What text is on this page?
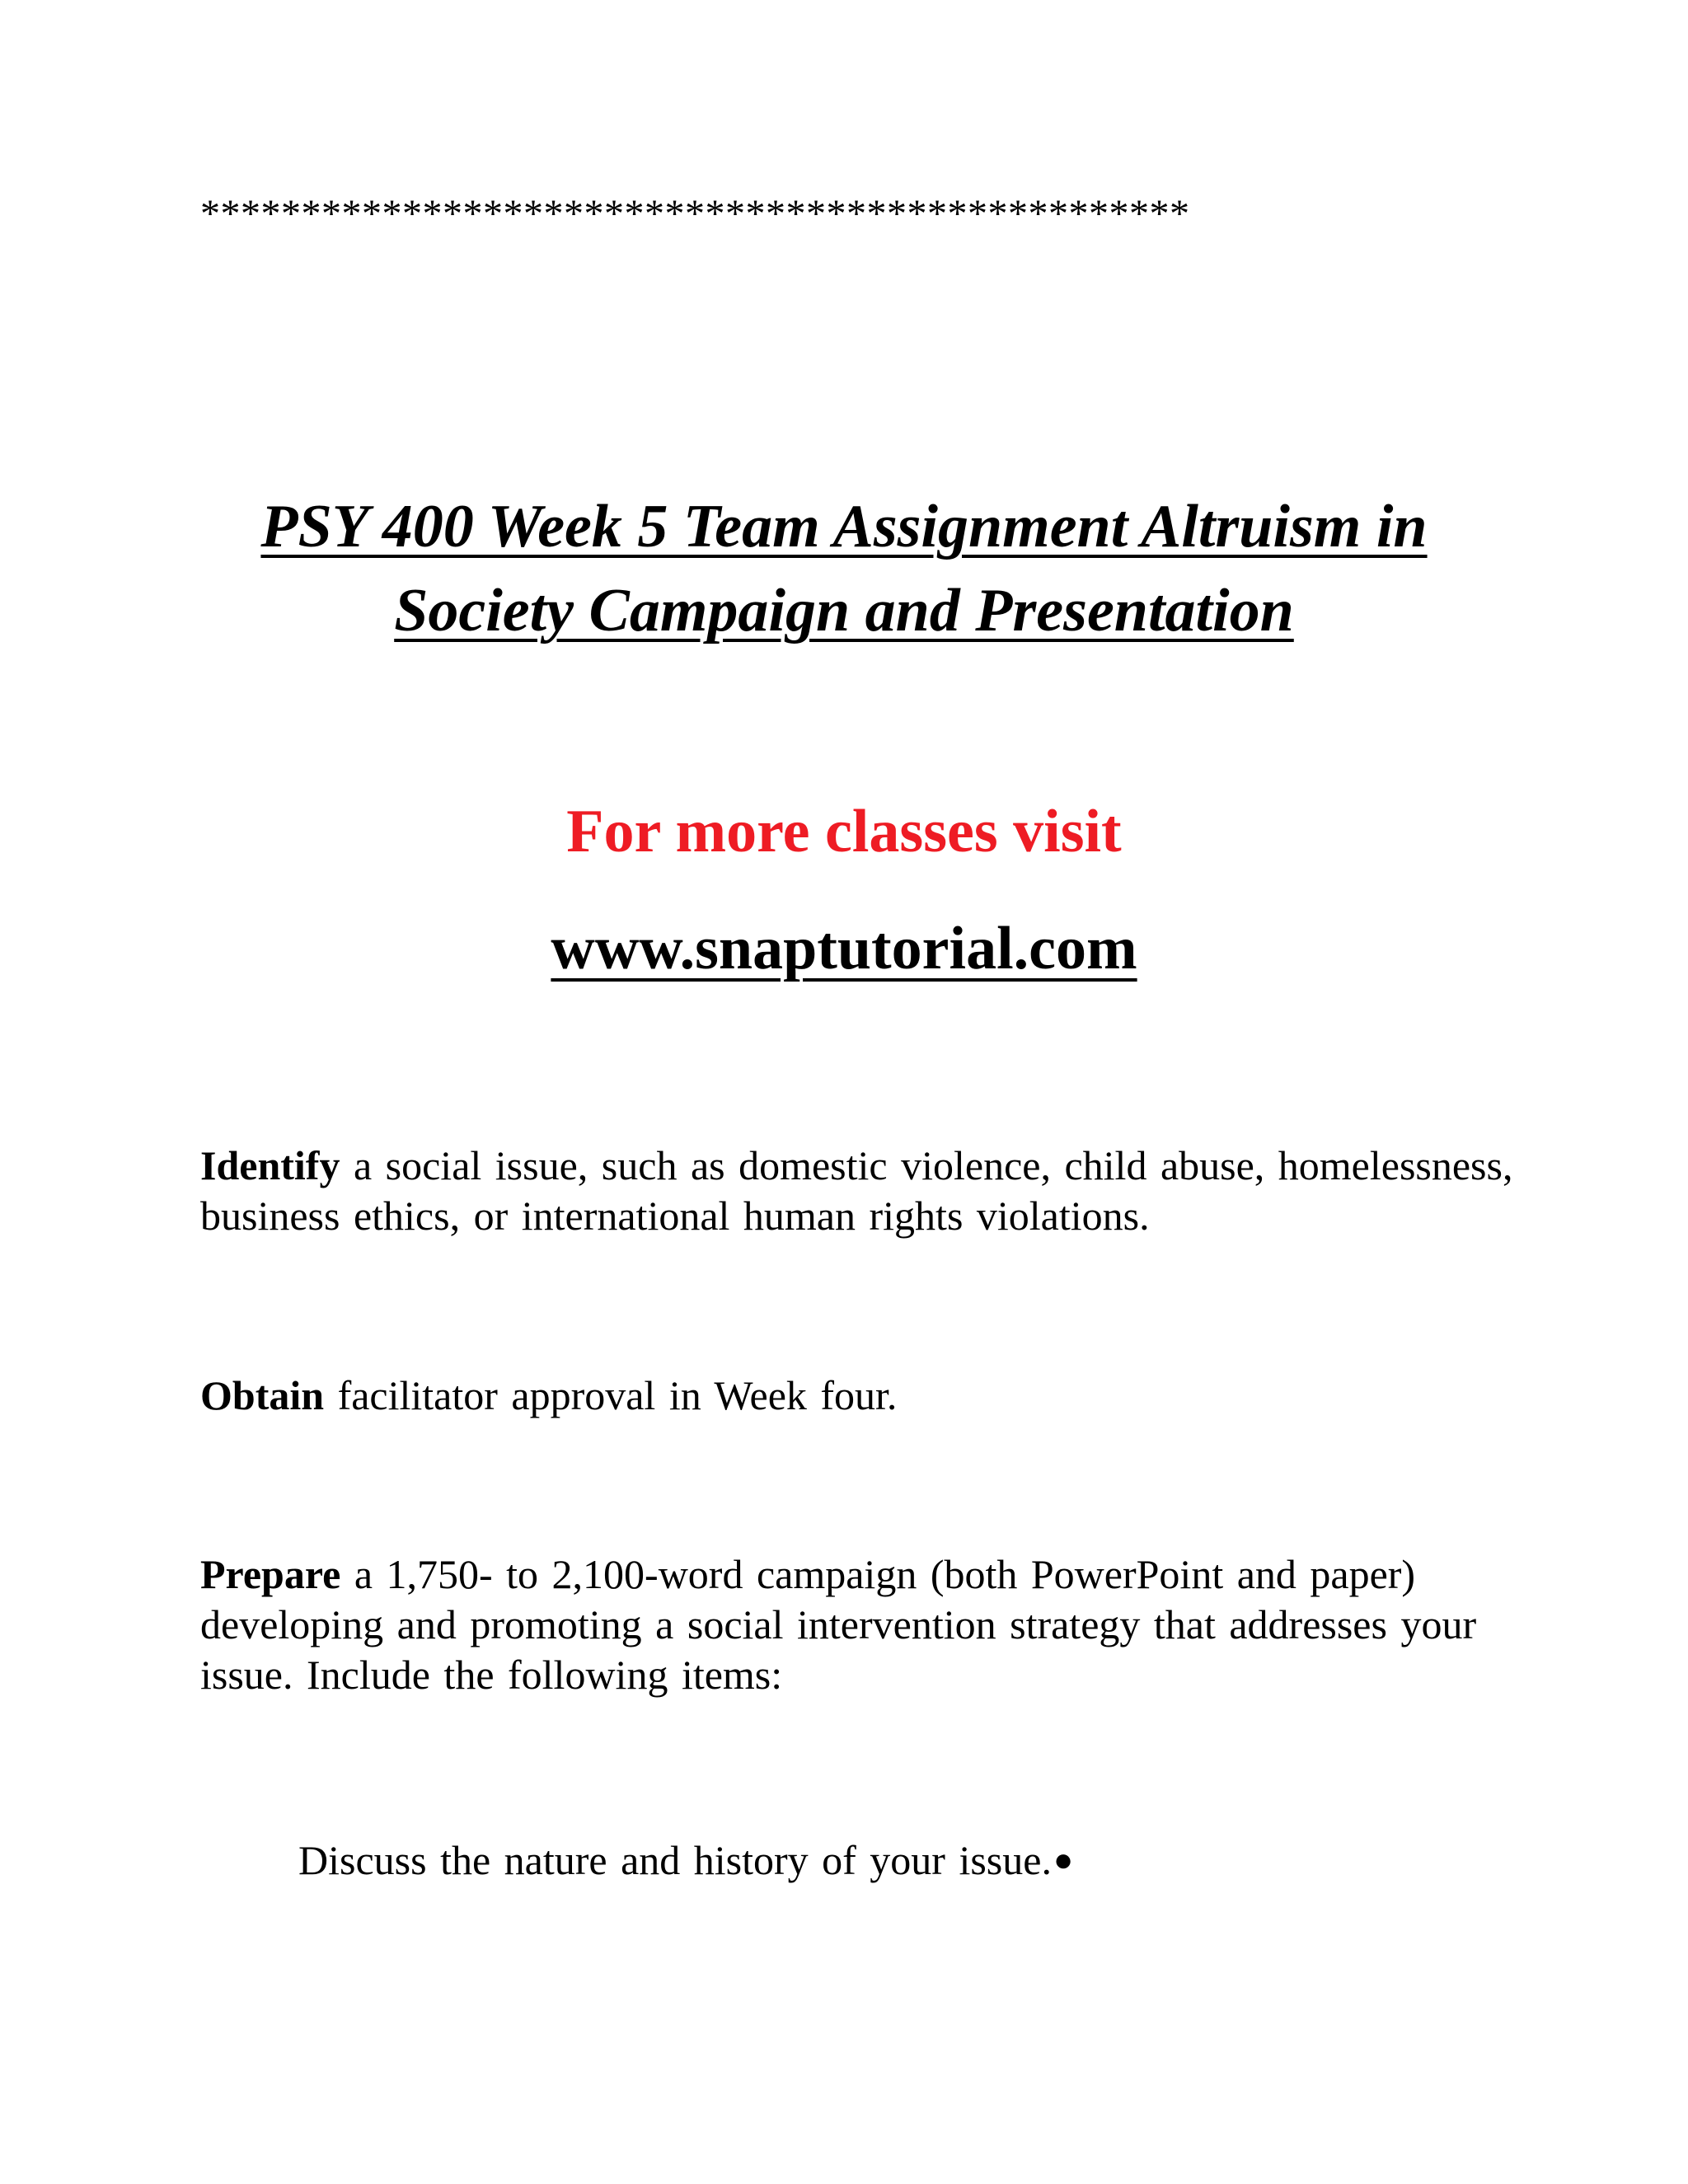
*************************************************
PSY 400 Week 5 Team Assignment Altruism in
Society Campaign and Presentation
For more classes visit
www.snaptutorial.com
Identify a social issue, such as domestic violence, child abuse, homelessness, business ethics, or international human rights violations.
Obtain facilitator approval in Week four.
Prepare a 1,750- to 2,100-word campaign (both PowerPoint and paper) developing and promoting a social intervention strategy that addresses your issue. Include the following items:
Discuss the nature and history of your issue.●
